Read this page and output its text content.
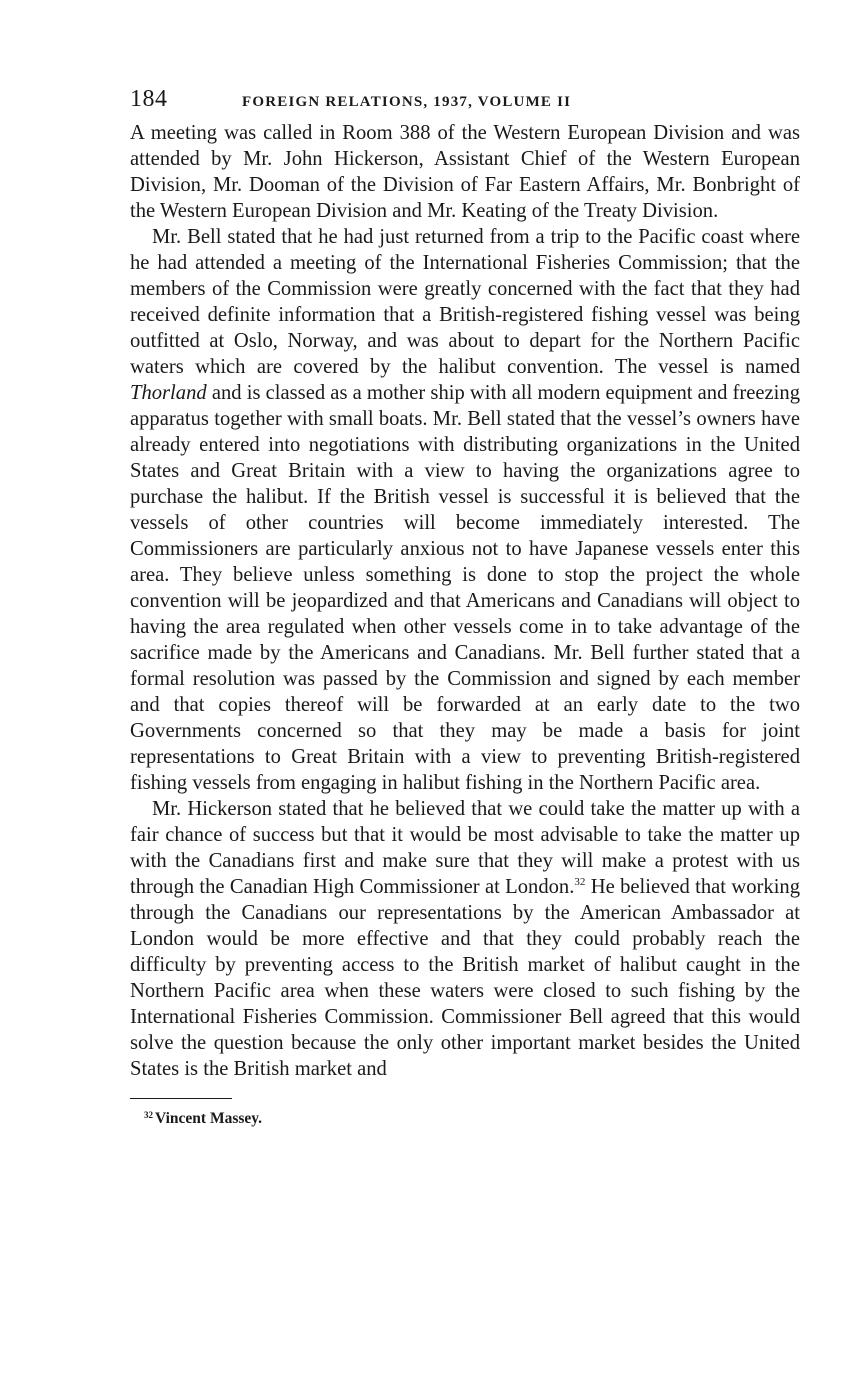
184	FOREIGN RELATIONS, 1937, VOLUME II

A meeting was called in Room 388 of the Western European Division and was attended by Mr. John Hickerson, Assistant Chief of the Western European Division, Mr. Dooman of the Division of Far Eastern Affairs, Mr. Bonbright of the Western European Division and Mr. Keating of the Treaty Division.

Mr. Bell stated that he had just returned from a trip to the Pacific coast where he had attended a meeting of the International Fisheries Commission; that the members of the Commission were greatly concerned with the fact that they had received definite information that a British-registered fishing vessel was being outfitted at Oslo, Norway, and was about to depart for the Northern Pacific waters which are covered by the halibut convention. The vessel is named Thorland and is classed as a mother ship with all modern equipment and freezing apparatus together with small boats. Mr. Bell stated that the vessel’s owners have already entered into negotiations with distributing organizations in the United States and Great Britain with a view to having the organizations agree to purchase the halibut. If the British vessel is successful it is believed that the vessels of other countries will become immediately interested. The Commissioners are particularly anxious not to have Japanese vessels enter this area. They believe unless something is done to stop the project the whole convention will be jeopardized and that Americans and Canadians will object to having the area regulated when other vessels come in to take advantage of the sacrifice made by the Americans and Canadians. Mr. Bell further stated that a formal resolution was passed by the Commission and signed by each member and that copies thereof will be forwarded at an early date to the two Governments concerned so that they may be made a basis for joint representations to Great Britain with a view to preventing British-registered fishing vessels from engaging in halibut fishing in the Northern Pacific area.

Mr. Hickerson stated that he believed that we could take the matter up with a fair chance of success but that it would be most advisable to take the matter up with the Canadians first and make sure that they will make a protest with us through the Canadian High Commissioner at London.$^{32}$ He believed that working through the Canadians our representations by the American Ambassador at London would be more effective and that they could probably reach the difficulty by preventing access to the British market of halibut caught in the Northern Pacific area when these waters were closed to such fishing by the International Fisheries Commission. Commissioner Bell agreed that this would solve the question because the only other important market besides the United States is the British market and

$^{32}$ Vincent Massey.
